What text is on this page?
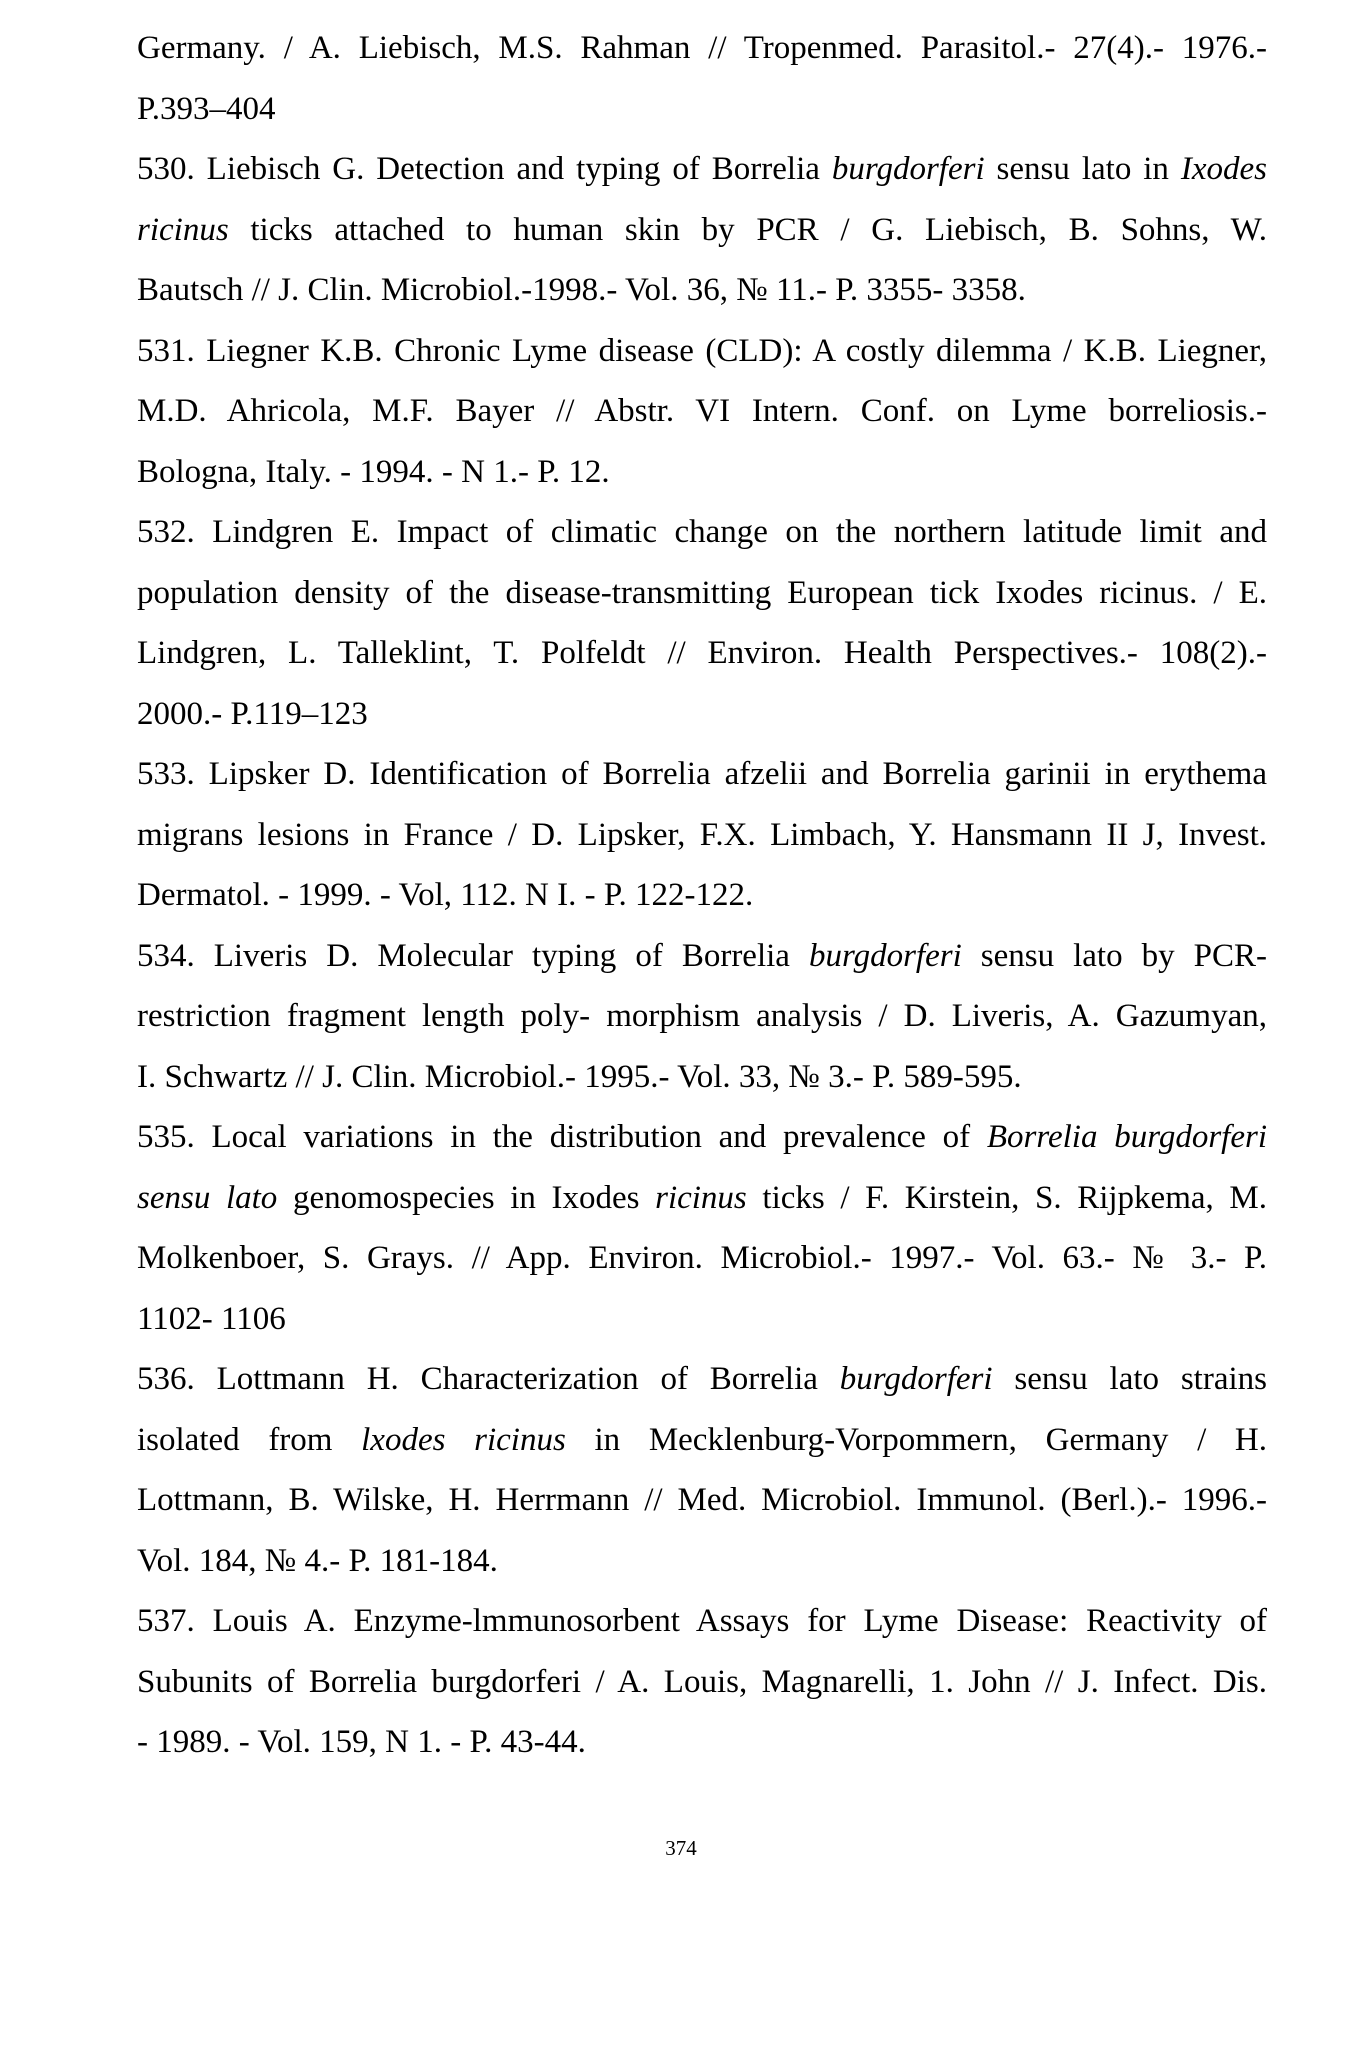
Germany. / A. Liebisch, M.S. Rahman // Tropenmed. Parasitol.- 27(4).- 1976.-
P.393–404
530. Liebisch G. Detection and typing of Borrelia burgdorferi sensu lato in Ixodes
ricinus ticks attached to human skin by PCR / G. Liebisch, B. Sohns, W.
Bautsch // J. Clin. Microbiol.-1998.- Vol. 36, № 11.- P. 3355- 3358.
531. Liegner K.B. Chronic Lyme disease (CLD): A costly dilemma / K.B. Liegner,
M.D. Ahricola, M.F. Bayer // Abstr. VI Intern. Conf. on Lyme borreliosis.-
Bologna, Italy. - 1994. - N 1.- P. 12.
532. Lindgren E. Impact of climatic change on the northern latitude limit and
population density of the disease-transmitting European tick Ixodes ricinus. / E.
Lindgren, L. Talleklint, T. Polfeldt // Environ. Health Perspectives.- 108(2).-
2000.- P.119–123
533. Lipsker D. Identification of Borrelia afzelii and Borrelia garinii in erythema
migrans lesions in France / D. Lipsker, F.X. Limbach, Y. Hansmann II J, Invest.
Dermatol. - 1999. - Vol, 112. N I. - P. 122-122.
534. Liveris D. Molecular typing of Borrelia burgdorferi sensu lato by PCR-
restriction fragment length poly- morphism analysis / D. Liveris, A. Gazumyan,
I. Schwartz // J. Clin. Microbiol.- 1995.- Vol. 33, № 3.- P. 589-595.
535. Local variations in the distribution and prevalence of Borrelia burgdorferi
sensu lato genomospecies in Ixodes ricinus ticks / F. Kirstein, S. Rijpkema, M.
Molkenboer, S. Grays. // App. Environ. Microbiol.- 1997.- Vol. 63.- № 3.- P.
1102- 1106
536. Lottmann H. Characterization of Borrelia burgdorferi sensu lato strains
isolated from lxodes ricinus in Mecklenburg-Vorpommern, Germany / H.
Lottmann, B. Wilske, H. Herrmann // Med. Microbiol. Immunol. (Berl.).- 1996.-
Vol. 184, № 4.- P. 181-184.
537. Louis A. Enzyme-lmmunosorbent Assays for Lyme Disease: Reactivity of
Subunits of Borrelia burgdorferi / A. Louis, Magnarelli, 1. John // J. Infect. Dis.
- 1989. - Vol. 159, N 1. - P. 43-44.
374
